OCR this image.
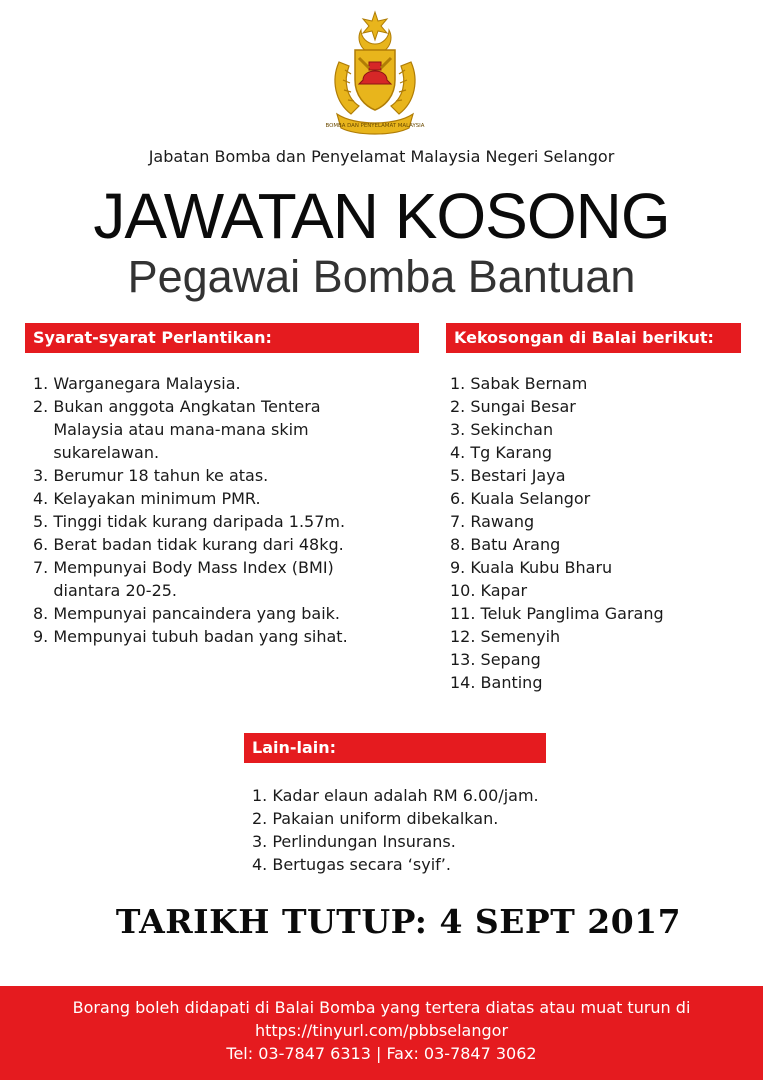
BOMBA DAN PENYELAMAT MALAYSIA
Jabatan Bomba dan Penyelamat Malaysia Negeri Selangor
JAWATAN KOSONG
Pegawai Bomba Bantuan
Syarat-syarat Perlantikan:	Kekosongan di Balai berikut:
1. Warganegara Malaysia.
2. Bukan anggota Angkatan Tentera
Malaysia atau mana-mana skim
sukarelawan.
3. Berumur 18 tahun ke atas.
4. Kelayakan minimum PMR.
5. Tinggi tidak kurang daripada 1.57m.
6. Berat badan tidak kurang dari 48kg.
7. Mempunyai Body Mass Index (BMI)
diantara 20-25.
8. Mempunyai pancaindera yang baik.
9. Mempunyai tubuh badan yang sihat.
1. Sabak Bernam
2. Sungai Besar
3. Sekinchan
4. Tg Karang
5. Bestari Jaya
6. Kuala Selangor
7. Rawang
8. Batu Arang
9. Kuala Kubu Bharu
10. Kapar
11. Teluk Panglima Garang
12. Semenyih
13. Sepang
14. Banting
Lain-lain:
1. Kadar elaun adalah RM 6.00/jam.
2. Pakaian uniform dibekalkan.
3. Perlindungan Insurans.
4. Bertugas secara ‘syif’.
TARIKH TUTUP: 4 SEPT 2017
Borang boleh didapati di Balai Bomba yang tertera diatas atau muat turun di
https://tinyurl.com/pbbselangor
Tel: 03-7847 6313 | Fax: 03-7847 3062
